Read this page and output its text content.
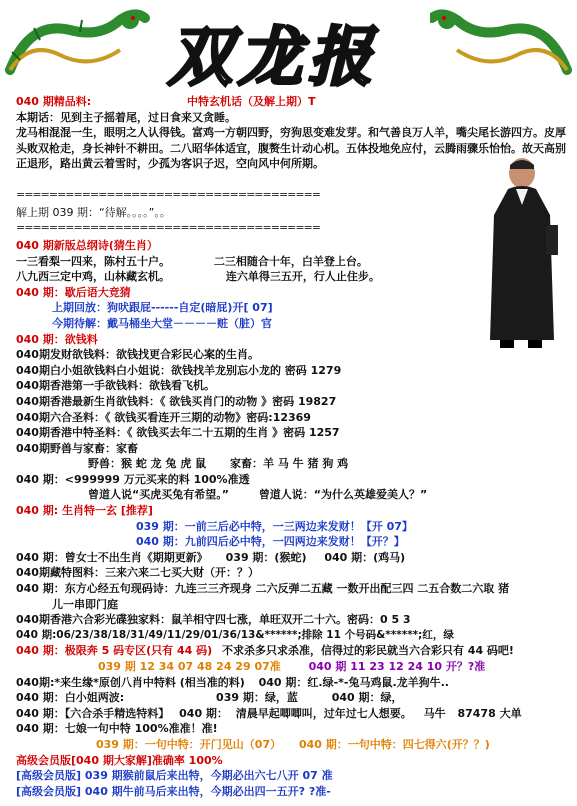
双龙报
040 期精品料:	中特玄机话（及解上期）T
本期话：见到主子摇着尾，过日食来又贪睡。
龙马相混混一生，眼明之人认得钱。富鸡一方朝四野，穷狗思变难发芽。和气善良万人羊，嘴尖尾长游四方。皮厚头败双枪走，身长神针不耕田。二八昭华体适宜，腹赘生计动心机。五体投地免应付，云腾雨骤乐怡怡。故天高别正退形，路出黄云着雪时，少孤为客识子迟，空向风中何所期。
=====================================
解上期 039 期：“待解。。。。”。。
=====================================
040 期新版总纲诗(猜生肖）
一三看梨一四来，陈村五十户。	二三相随合十年，白羊登上台。
八九西三定中鸡，山林藏玄机。	连六单得三五开，行人止住步。
040 期：歇后语大竞猜
上期回放：狗吠跟屁------自定(暗屁)开[ 07]
今期待解：戴马桶坐大堂－－－－赃（脏）官
040 期：欲钱料
040期发财欲钱料：欲钱找更合彩民心案的生肖。
040期白小姐欲钱料白小姐说：欲钱找羊龙别忘小龙的 密码 1279
040期香港第一手欲钱料：欲钱看飞机。
040期香港最新生肖欲钱料：《 欲钱买肖门的动物 》密码 19827
040期六合圣料：《 欲钱买看连开三期的动物》密码:12369
040期香港中特圣料：《 欲钱买去年二十五期的生肖 》密码 1257
040期野兽与家畜：家畜
野兽：猴 蛇 龙 兔 虎 鼠 家畜：羊 马 牛 猪 狗 鸡
040 期：<999999 万元买来的料 100%准透
曾道人说“买虎买兔有希望。”	曾道人说：“为什么英雄爱美人？”
040 期: 生肖特一玄 [推荐]
039 期：一前三后必中特，一三两边来发财！【开 07】
040 期：九前四后必中特，一四两边来发财！【开？】
040 期：曾女士不出生肖《期期更新》 039 期：(猴蛇) 040 期：(鸡马)
040期藏特图料：三来六来二七买大财（开：？）
040 期：东方心经五句现码诗：九连三三齐现身 二六反弹二五藏 一数开出配三四 二五合数二六取 猪
儿一串即门庭
040期香港六合彩光碟独家料：鼠羊相守四七涨，单旺双开二十六。密码：0 5 3
040 期:06/23/38/18/31/49/11/29/01/36/13&******;排除 11 个号码&******;红，绿
040 期：极限奔 5 码专区(只有 44 码) 不求杀多只求杀准，信得过的彩民就当六合彩只有 44 码吧!
039 期 12 34 07 48 24 29 07准	040 期 11 23 12 24 10 开？?准
040期:*来生缘*原创八肖中特料 (相当准的料) 040 期：红.绿-*-兔马鸡鼠.龙羊狗牛..
040 期：白小姐两波:	039 期：绿，蓝	040 期：绿，
040 期：【六合杀手精选特料】 040 期： 清晨早起唧唧叫，过年过七人想要。 马牛 87478 大单
040 期：七娘一句中特 100%准准！准!
039 期：一句中特：开门见山（07） 040 期：一句中特：四七得六(开？？)
高级会员版[040 期大家解]准确率 100%
[高级会员版] 039 期猴前鼠后来出特，今期必出六七八开 07 准
[高级会员版] 040 期牛前马后来出特，今期必出四一五开? ?准-
